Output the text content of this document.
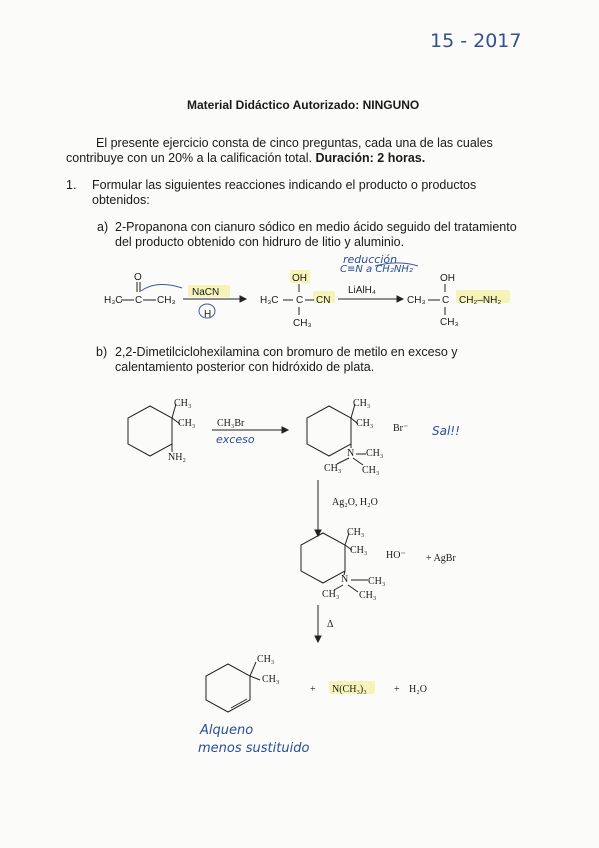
15 - 2017
Material Didáctico Autorizado: NINGUNO
El presente ejercicio consta de cinco preguntas, cada una de las cuales
contribuye con un 20% a la calificación total. Duración: 2 horas.
1. Formular las siguientes reacciones indicando el producto o productos
obtenidos:
a) 2-Propanona con cianuro sódico en medio ácido seguido del tratamiento
del producto obtenido con hidruro de litio y aluminio.
reducción
C≡N a CH₂NH₂
O
H₃C C CH₃
NaCN
H
OH
H₃C C CN
CH₃
LiAlH₄
OH
CH₃ C CH₂–NH₂
CH₃
b) 2,2-Dimetilciclohexilamina con bromuro de metilo en exceso y
calentamiento posterior con hidróxido de plata.
CH₃
CH₃
NH₂
CH₃Br
exceso
CH₃
CH₃
N CH₃
CH₃ CH₃
Br⁻ Sal!!
Ag₂O, H₂O
CH₃
CH₃
N CH₃
CH₃ CH₃
HO⁻ + AgBr
Δ
CH₃
CH₃
+ N(CH₃)₃	+ H₂O
Alqueno
menos sustituido
